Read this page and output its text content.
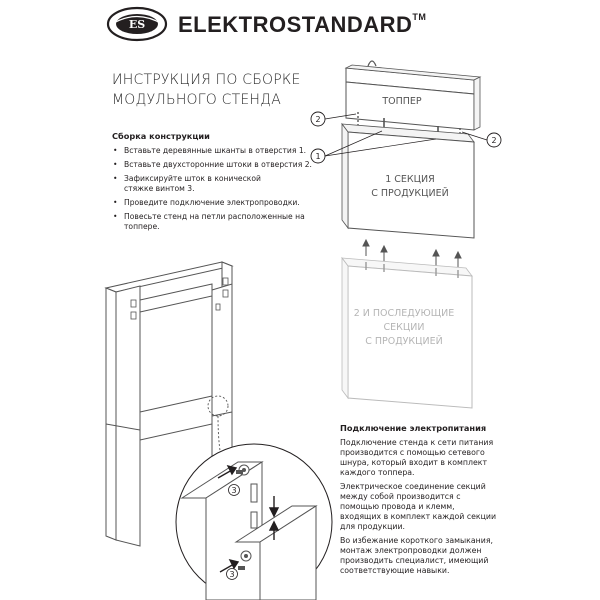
ES ELEKTROSTANDARD™
ИНСТРУКЦИЯ ПО СБОРКЕ
МОДУЛЬНОГО СТЕНДА
Сборка конструкции
• Вставьте деревянные шканты в отверстия 1.
• Вставьте двухсторонние штоки в отверстия 2.
• Зафиксируйте шток в конической стяжке винтом 3.
• Проведите подключение электропроводки.
• Повесьте стенд на петли расположенные на топпере.
Подключение электропитания

Подключение стенда к сети питания производится с помощью сетевого шнура, который входит в комплект каждого топпера.

Электрическое соединение секций между собой производится с помощью провода и клемм, входящих в комплект каждой секции для продукции.

Во избежание короткого замыкания, монтаж электропроводки должен производить специалист, имеющий соответствующие навыки.

ТОППЕР
1 СЕКЦИЯ
С ПРОДУКЦИЕЙ
2 И ПОСЛЕДУЮЩИЕ
СЕКЦИИ
С ПРОДУКЦИЕЙ
2
2
1
3
3
